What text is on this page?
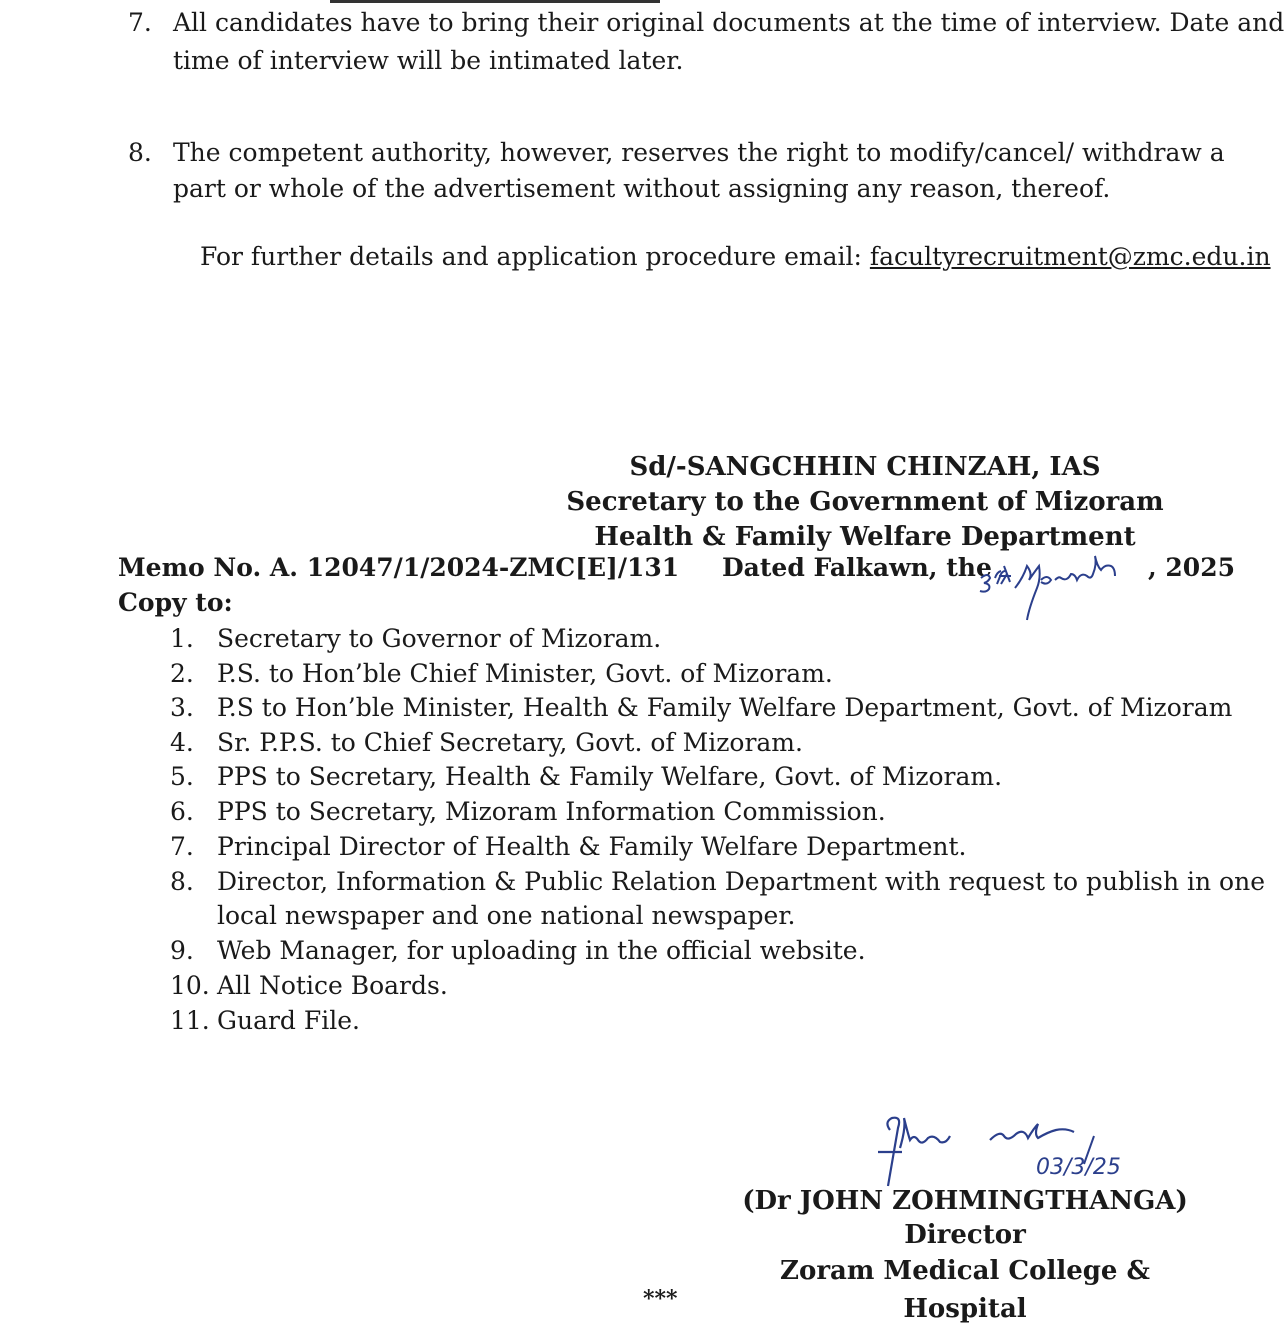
7. All candidates have to bring their original documents at the time of interview. Date and
time of interview will be intimated later.
8. The competent authority, however, reserves the right to modify/cancel/ withdraw a
part or whole of the advertisement without assigning any reason, thereof.
For further details and application procedure email: facultyrecruitment@zmc.edu.in
Sd/-SANGCHHIN CHINZAH, IAS
Secretary to the Government of Mizoram
Health & Family Welfare Department
Memo No. A. 12047/1/2024-ZMC[E]/131 Dated Falkawn, the
3rd March
, 2025
Copy to:
1. Secretary to Governor of Mizoram.
2. P.S. to Hon’ble Chief Minister, Govt. of Mizoram.
3. P.S to Hon’ble Minister, Health & Family Welfare Department, Govt. of Mizoram
4. Sr. P.P.S. to Chief Secretary, Govt. of Mizoram.
5. PPS to Secretary, Health & Family Welfare, Govt. of Mizoram.
6. PPS to Secretary, Mizoram Information Commission.
7. Principal Director of Health & Family Welfare Department.
8. Director, Information & Public Relation Department with request to publish in one
local newspaper and one national newspaper.
9. Web Manager, for uploading in the official website.
10. All Notice Boards.
11. Guard File.
03/3/25
(Dr JOHN ZOHMINGTHANGA)
Director
Zoram Medical College & Hospital
***
